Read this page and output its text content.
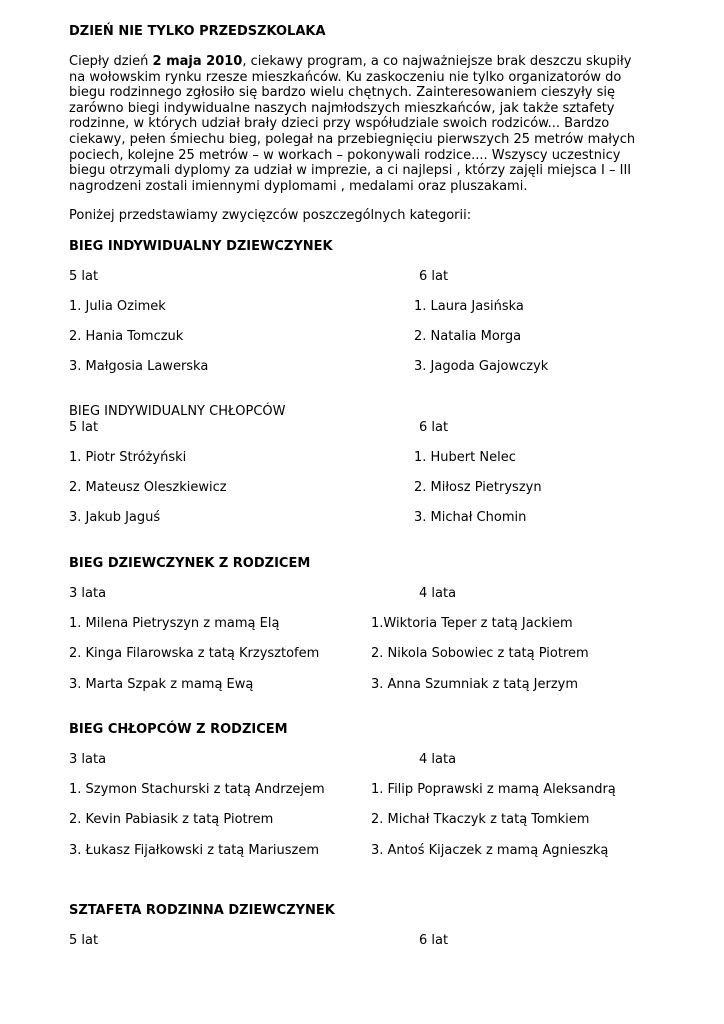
DZIEŃ NIE TYLKO PRZEDSZKOLAKA

Ciepły dzień 2 maja 2010, ciekawy program, a co najważniejsze brak deszczu skupiły na wołowskim rynku rzesze mieszkańców. Ku zaskoczeniu nie tylko organizatorów do biegu rodzinnego zgłosiło się bardzo wielu chętnych. Zainteresowaniem cieszyły się zarówno biegi indywidualne naszych najmłodszych mieszkańców, jak także sztafety rodzinne, w których udział brały dzieci przy współudziale swoich rodziców... Bardzo ciekawy, pełen śmiechu bieg, polegał na przebiegnięciu pierwszych 25 metrów małych pociech, kolejne 25 metrów – w workach – pokonywali rodzice.... Wszyscy uczestnicy biegu otrzymali dyplomy za udział w imprezie, a ci najlepsi , którzy zajęli miejsca I – III nagrodzeni zostali imiennymi dyplomami , medalami oraz pluszakami.

Poniżej przedstawiamy zwycięzców poszczególnych kategorii:
BIEG INDYWIDUALNY DZIEWCZYNEK
5 lat	6 lat
1. Julia Ozimek	1. Laura Jasińska
2. Hania Tomczuk	2. Natalia Morga
3. Małgosia Lawerska	3. Jagoda Gajowczyk
BIEG INDYWIDUALNY CHŁOPCÓW
5 lat	6 lat
1. Piotr Stróżyński	1. Hubert Nelec
2. Mateusz Oleszkiewicz	2. Miłosz Pietryszyn
3. Jakub Jaguś	3. Michał Chomin
BIEG DZIEWCZYNEK Z RODZICEM
3 lata	4 lata
1. Milena Pietryszyn z mamą Elą	1.Wiktoria Teper z tatą Jackiem
2. Kinga Filarowska z tatą Krzysztofem	2. Nikola Sobowiec z tatą Piotrem
3. Marta Szpak z mamą Ewą	3. Anna Szumniak z tatą Jerzym
BIEG CHŁOPCÓW Z RODZICEM
3 lata	4 lata
1. Szymon Stachurski z tatą Andrzejem	1. Filip Poprawski z mamą Aleksandrą
2. Kevin Pabiasik z tatą Piotrem	2. Michał Tkaczyk z tatą Tomkiem
3. Łukasz Fijałkowski z tatą Mariuszem	3. Antoś Kijaczek z mamą Agnieszką
SZTAFETA RODZINNA DZIEWCZYNEK
5 lat	6 lat
